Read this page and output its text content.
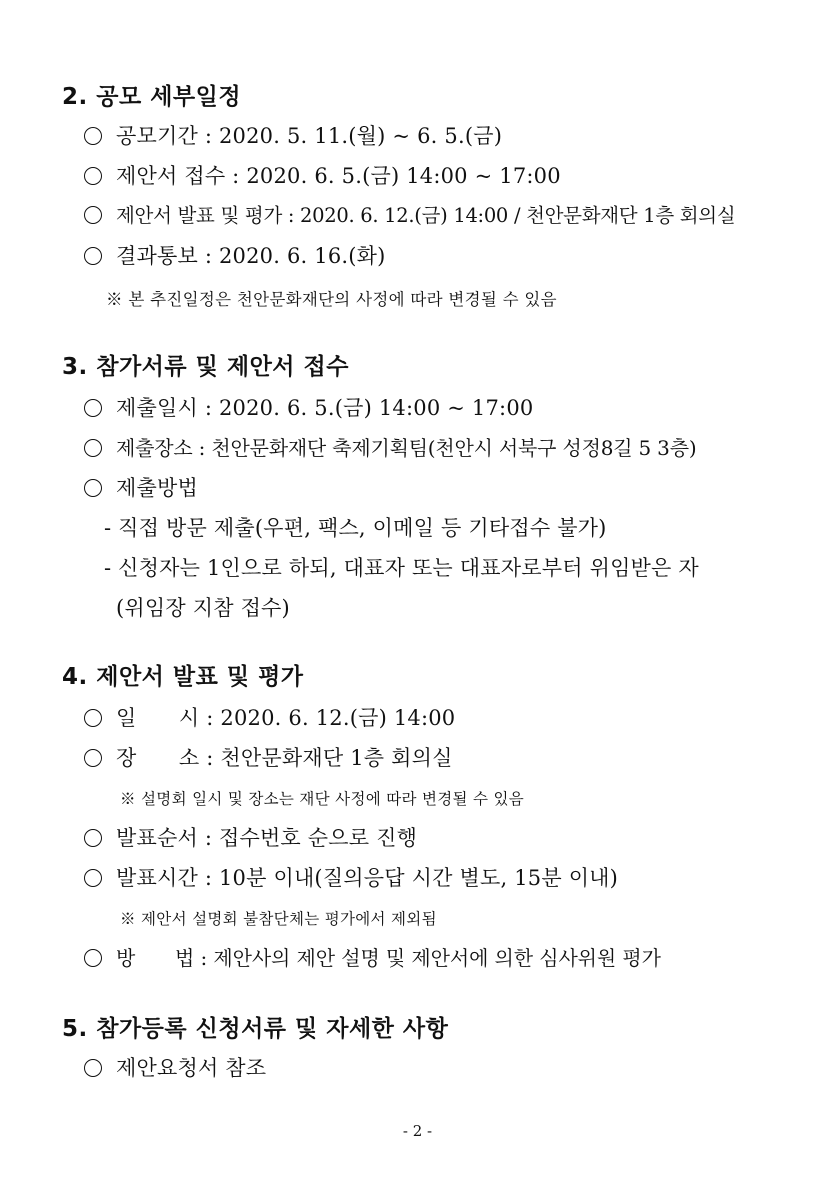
2. 공모 세부일정
공모기간 : 2020. 5. 11.(월) ~ 6. 5.(금)
제안서 접수 : 2020. 6. 5.(금) 14:00 ~ 17:00
제안서 발표 및 평가 : 2020. 6. 12.(금) 14:00 / 천안문화재단 1층 회의실
결과통보 : 2020. 6. 16.(화)
※ 본 추진일정은 천안문화재단의 사정에 따라 변경될 수 있음
3. 참가서류 및 제안서 접수
제출일시 : 2020. 6. 5.(금) 14:00 ~ 17:00
제출장소 : 천안문화재단 축제기획팀(천안시 서북구 성정8길 5 3층)
제출방법
- 직접 방문 제출(우편, 팩스, 이메일 등 기타접수 불가)
- 신청자는 1인으로 하되, 대표자 또는 대표자로부터 위임받은 자
(위임장 지참 접수)
4. 제안서 발표 및 평가
일　　시 : 2020. 6. 12.(금) 14:00
장　　소 : 천안문화재단 1층 회의실
※ 설명회 일시 및 장소는 재단 사정에 따라 변경될 수 있음
발표순서 : 접수번호 순으로 진행
발표시간 : 10분 이내(질의응답 시간 별도, 15분 이내)
※ 제안서 설명회 불참단체는 평가에서 제외됨
방　　법 : 제안사의 제안 설명 및 제안서에 의한 심사위원 평가
5. 참가등록 신청서류 및 자세한 사항
제안요청서 참조
- 2 -
